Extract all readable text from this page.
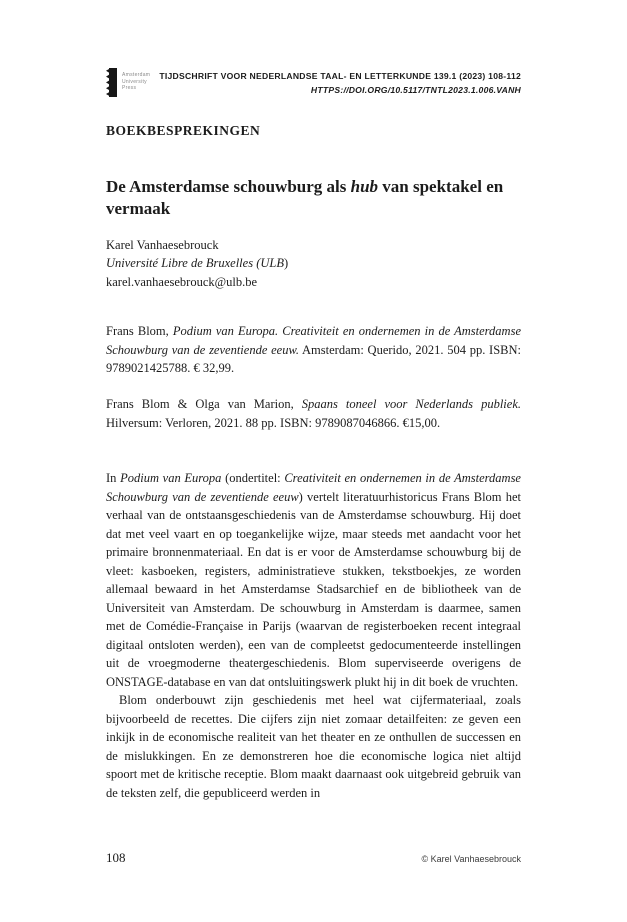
Amsterdam
University
Press
TIJDSCHRIFT VOOR NEDERLANDSE TAAL- EN LETTERKUNDE 139.1 (2023) 108-112
HTTPS://DOI.ORG/10.5117/TNTL2023.1.006.VANH
BOEKBESPREKINGEN
De Amsterdamse schouwburg als hub van spektakel en vermaak
Karel Vanhaesebrouck
Université Libre de Bruxelles (ULB)
karel.vanhaesebrouck@ulb.be

Frans Blom, Podium van Europa. Creativiteit en ondernemen in de Amsterdamse Schouwburg van de zeventiende eeuw. Amsterdam: Querido, 2021. 504 pp. ISBN: 9789021425788. € 32,99.

Frans Blom & Olga van Marion, Spaans toneel voor Nederlands publiek. Hilversum: Verloren, 2021. 88 pp. ISBN: 9789087046866. €15,00.

In Podium van Europa (ondertitel: Creativiteit en ondernemen in de Amsterdamse Schouwburg van de zeventiende eeuw) vertelt literatuurhistoricus Frans Blom het verhaal van de ontstaansgeschiedenis van de Amsterdamse schouwburg. Hij doet dat met veel vaart en op toegankelijke wijze, maar steeds met aandacht voor het primaire bronnenmateriaal. En dat is er voor de Amsterdamse schouwburg bij de vleet: kasboeken, registers, administratieve stukken, tekstboekjes, ze worden allemaal bewaard in het Amsterdamse Stadsarchief en de bibliotheek van de Universiteit van Amsterdam. De schouwburg in Amsterdam is daarmee, samen met de Comédie-Française in Parijs (waarvan de registerboeken recent integraal digitaal ontsloten werden), een van de compleetst gedocumenteerde instellingen uit de vroegmoderne theatergeschiedenis. Blom superviseerde overigens de ONSTAGE-database en van dat ontsluitingswerk plukt hij in dit boek de vruchten.

Blom onderbouwt zijn geschiedenis met heel wat cijfermateriaal, zoals bijvoorbeeld de recettes. Die cijfers zijn niet zomaar detailfeiten: ze geven een inkijk in de economische realiteit van het theater en ze onthullen de successen en de mislukkingen. En ze demonstreren hoe die economische logica niet altijd spoort met de kritische receptie. Blom maakt daarnaast ook uitgebreid gebruik van de teksten zelf, die gepubliceerd werden in

108	© Karel Vanhaesebrouck
